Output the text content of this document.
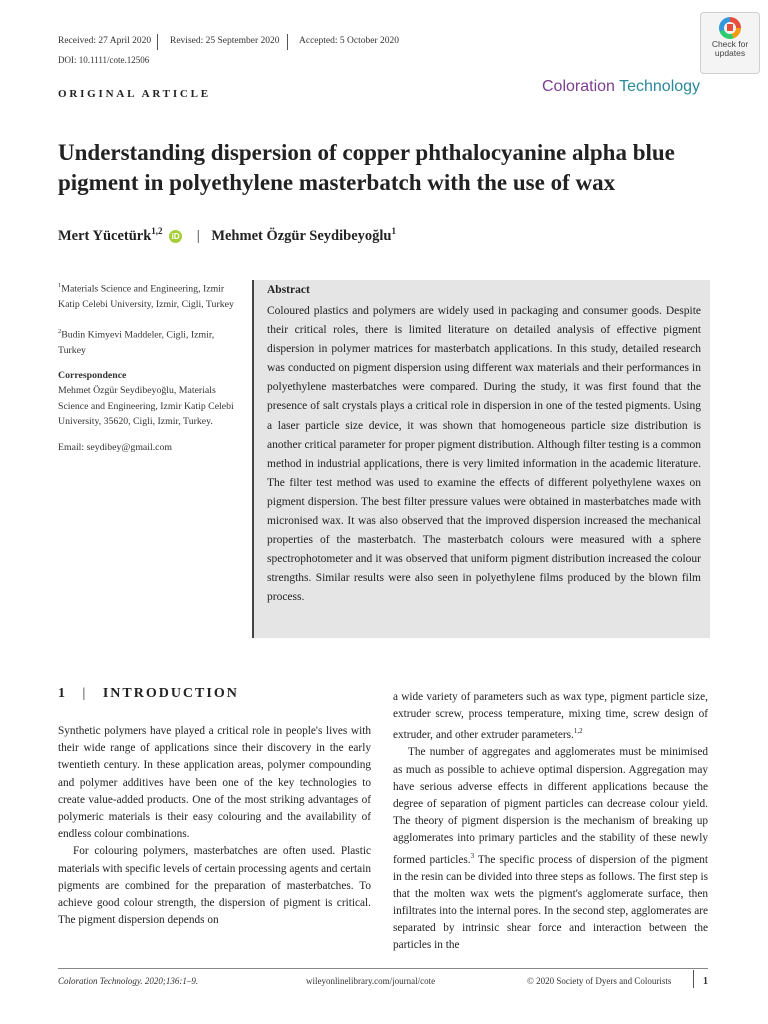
Received: 27 April 2020 Revised: 25 September 2020 Accepted: 5 October 2020
DOI: 10.1111/cote.12506
Check for
updates
Coloration Technology
ORIGINAL ARTICLE
Understanding dispersion of copper phthalocyanine alpha blue pigment in polyethylene masterbatch with the use of wax
Mert Yücetürk$^{1,2}$ iD | Mehmet Özgür Seydibeyoğlu$^1$
$^1$Materials Science and Engineering, Izmir Katip Celebi University, Izmir, Cigli, Turkey
$^2$Budin Kimyevi Maddeler, Cigli, Izmir, Turkey
Correspondence
Mehmet Özgür Seydibeyoğlu, Materials Science and Engineering, Izmir Katip Celebi University, 35620, Cigli, Izmir, Turkey.
Email: seydibey@gmail.com
Abstract
Coloured plastics and polymers are widely used in packaging and consumer goods. Despite their critical roles, there is limited literature on detailed analysis of effective pigment dispersion in polymer matrices for masterbatch applications. In this study, detailed research was conducted on pigment dispersion using different wax materials and their performances in polyethylene masterbatches were compared. During the study, it was first found that the presence of salt crystals plays a critical role in dispersion in one of the tested pigments. Using a laser particle size device, it was shown that homogeneous particle size distribution is another critical parameter for proper pigment distribution. Although filter testing is a common method in industrial applications, there is very limited information in the academic literature. The filter test method was used to examine the effects of different polyethylene waxes on pigment dispersion. The best filter pressure values were obtained in masterbatches made with micronised wax. It was also observed that the improved dispersion increased the mechanical properties of the masterbatch. The masterbatch colours were measured with a sphere spectrophotometer and it was observed that uniform pigment distribution increased the colour strengths. Similar results were also seen in polyethylene films produced by the blown film process.
1 | INTRODUCTION

Synthetic polymers have played a critical role in people's lives with their wide range of applications since their discovery in the early twentieth century. In these application areas, polymer compounding and polymer additives have been one of the key technologies to create value-added products. One of the most striking advantages of polymeric materials is their easy colouring and the availability of endless colour combinations.

For colouring polymers, masterbatches are often used. Plastic materials with specific levels of certain processing agents and certain pigments are combined for the preparation of masterbatches. To achieve good colour strength, the dispersion of pigment is critical. The pigment dispersion depends on

a wide variety of parameters such as wax type, pigment particle size, extruder screw, process temperature, mixing time, screw design of extruder, and other extruder parameters.$^{1,2}$

The number of aggregates and agglomerates must be minimised as much as possible to achieve optimal dispersion. Aggregation may have serious adverse effects in different applications because the degree of separation of pigment particles can decrease colour yield. The theory of pigment dispersion is the mechanism of breaking up agglomerates into primary particles and the stability of these newly formed particles.$^3$ The specific process of dispersion of the pigment in the resin can be divided into three steps as follows. The first step is that the molten wax wets the pigment's agglomerate surface, then infiltrates into the internal pores. In the second step, agglomerates are separated by intrinsic shear force and interaction between the particles in the

Coloration Technology. 2020;136:1–9.	wileyonlinelibrary.com/journal/cote	© 2020 Society of Dyers and Colourists	1
